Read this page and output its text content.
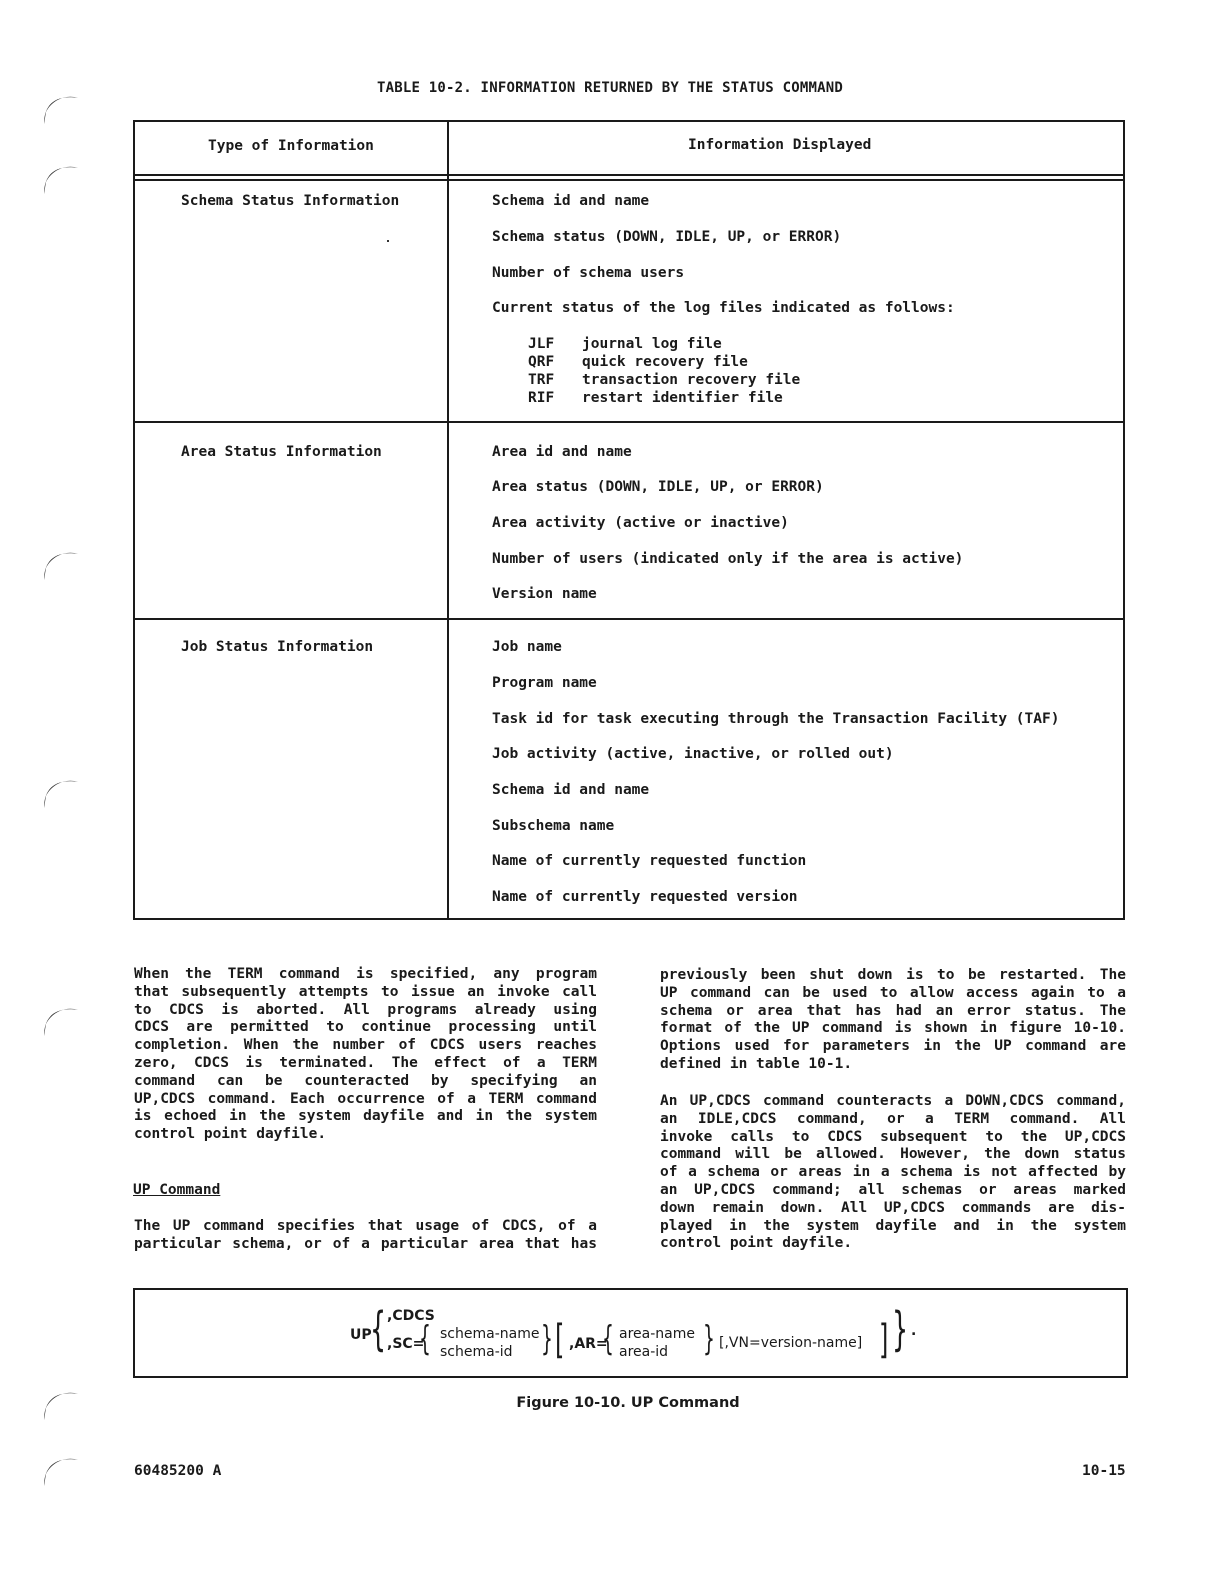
TABLE 10-2. INFORMATION RETURNED BY THE STATUS COMMAND
Type of Information	Information Displayed
Schema Status Information	Schema id and name
Schema status (DOWN, IDLE, UP, or ERROR)
Number of schema users
Current status of the log files indicated as follows:
JLF journal log file
QRF quick recovery file
TRF transaction recovery file
RIF restart identifier file
Area Status Information	Area id and name
Area status (DOWN, IDLE, UP, or ERROR)
Area activity (active or inactive)
Number of users (indicated only if the area is active)
Version name
Job Status Information	Job name
Program name
Task id for task executing through the Transaction Facility (TAF)
Job activity (active, inactive, or rolled out)
Schema id and name
Subschema name
Name of currently requested function
Name of currently requested version
When the TERM command is specified, any program
that subsequently attempts to issue an invoke call
to CDCS is aborted. All programs already using
CDCS are permitted to continue processing until
completion. When the number of CDCS users reaches
zero, CDCS is terminated. The effect of a TERM
command can be counteracted by specifying an
UP,CDCS command. Each occurrence of a TERM command
is echoed in the system dayfile and in the system
control point dayfile.
UP Command
The UP command specifies that usage of CDCS, of a
particular schema, or of a particular area that has
previously been shut down is to be restarted. The
UP command can be used to allow access again to a
schema or area that has had an error status. The
format of the UP command is shown in figure 10-10.
Options used for parameters in the UP command are
defined in table 10-1.
An UP,CDCS command counteracts a DOWN,CDCS command,
an IDLE,CDCS command, or a TERM command. All
invoke calls to CDCS subsequent to the UP,CDCS
command will be allowed. However, the down status
of a schema or areas in a schema is not affected by
an UP,CDCS command; all schemas or areas marked
down remain down. All UP,CDCS commands are dis-
played in the system dayfile and in the system
control point dayfile.
UP
{ ,CDCS
,SC=
{ schema-name
schema-id } [ ,AR=
{ area-name
area-id } [,VN=version-name] ] } .
Figure 10-10. UP Command
60485200 A	10-15
